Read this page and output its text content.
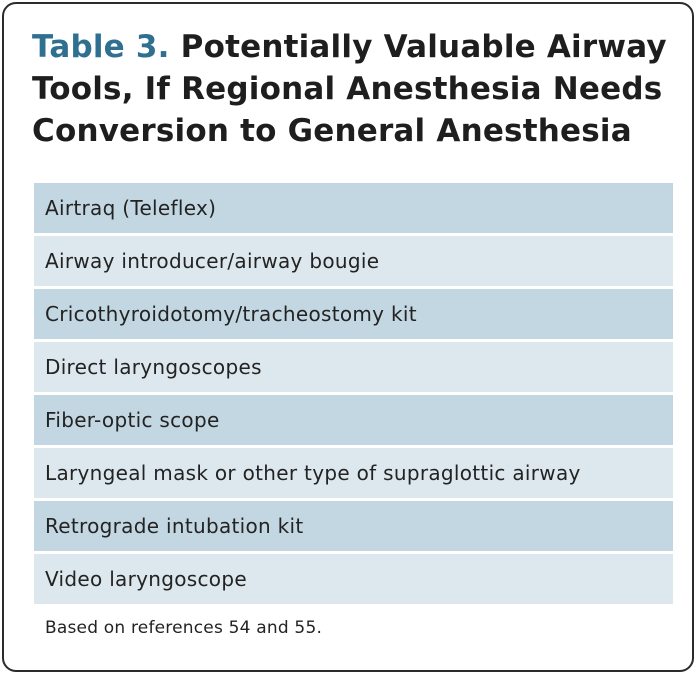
Table 3. Potentially Valuable Airway Tools, If Regional Anesthesia Needs Conversion to General Anesthesia
Airtraq (Teleflex)
Airway introducer/airway bougie
Cricothyroidotomy/tracheostomy kit
Direct laryngoscopes
Fiber-optic scope
Laryngeal mask or other type of supraglottic airway
Retrograde intubation kit
Video laryngoscope
Based on references 54 and 55.
